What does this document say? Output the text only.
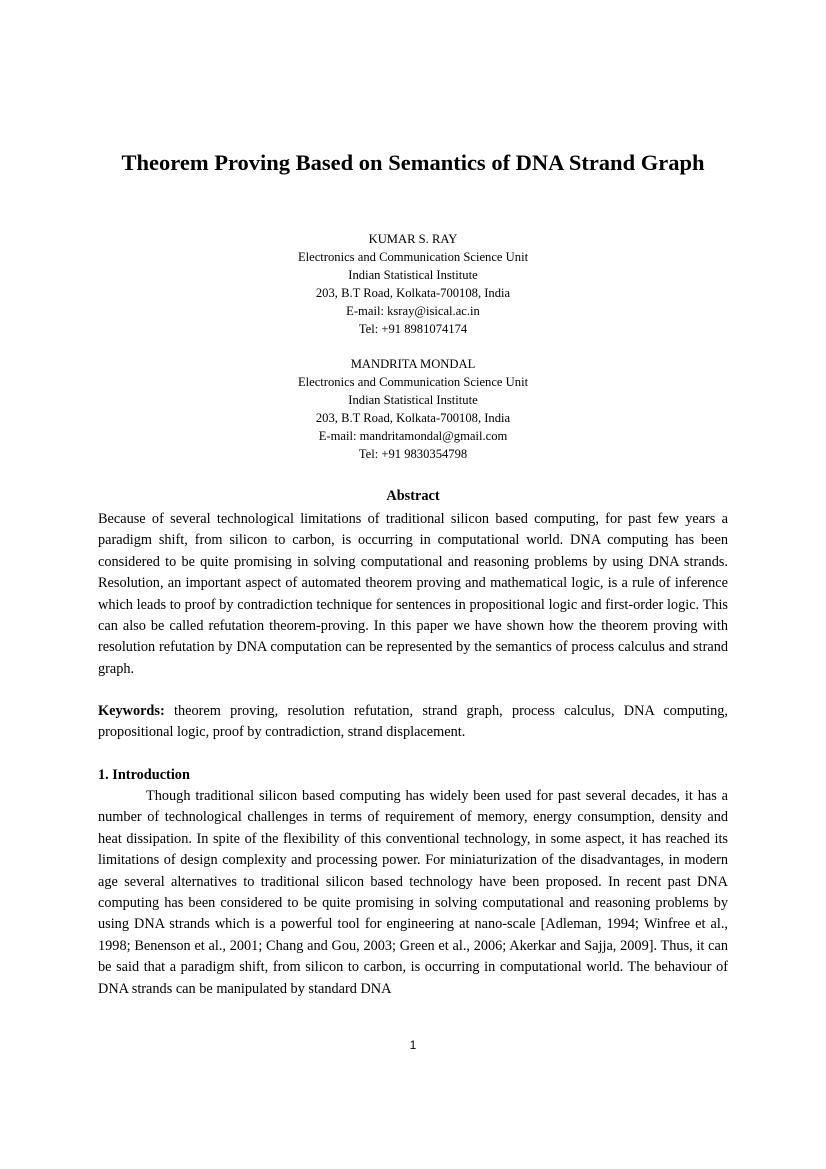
Theorem Proving Based on Semantics of DNA Strand Graph
KUMAR S. RAY
Electronics and Communication Science Unit
Indian Statistical Institute
203, B.T Road, Kolkata-700108, India
E-mail: ksray@isical.ac.in
Tel: +91 8981074174
MANDRITA MONDAL
Electronics and Communication Science Unit
Indian Statistical Institute
203, B.T Road, Kolkata-700108, India
E-mail: mandritamondal@gmail.com
Tel: +91 9830354798
Abstract

Because of several technological limitations of traditional silicon based computing, for past few years a paradigm shift, from silicon to carbon, is occurring in computational world. DNA computing has been considered to be quite promising in solving computational and reasoning problems by using DNA strands. Resolution, an important aspect of automated theorem proving and mathematical logic, is a rule of inference which leads to proof by contradiction technique for sentences in propositional logic and first-order logic. This can also be called refutation theorem-proving. In this paper we have shown how the theorem proving with resolution refutation by DNA computation can be represented by the semantics of process calculus and strand graph.

Keywords: theorem proving, resolution refutation, strand graph, process calculus, DNA computing, propositional logic, proof by contradiction, strand displacement.

1. Introduction

Though traditional silicon based computing has widely been used for past several decades, it has a number of technological challenges in terms of requirement of memory, energy consumption, density and heat dissipation. In spite of the flexibility of this conventional technology, in some aspect, it has reached its limitations of design complexity and processing power. For miniaturization of the disadvantages, in modern age several alternatives to traditional silicon based technology have been proposed. In recent past DNA computing has been considered to be quite promising in solving computational and reasoning problems by using DNA strands which is a powerful tool for engineering at nano-scale [Adleman, 1994; Winfree et al., 1998; Benenson et al., 2001; Chang and Gou, 2003; Green et al., 2006; Akerkar and Sajja, 2009]. Thus, it can be said that a paradigm shift, from silicon to carbon, is occurring in computational world. The behaviour of DNA strands can be manipulated by standard DNA

1
